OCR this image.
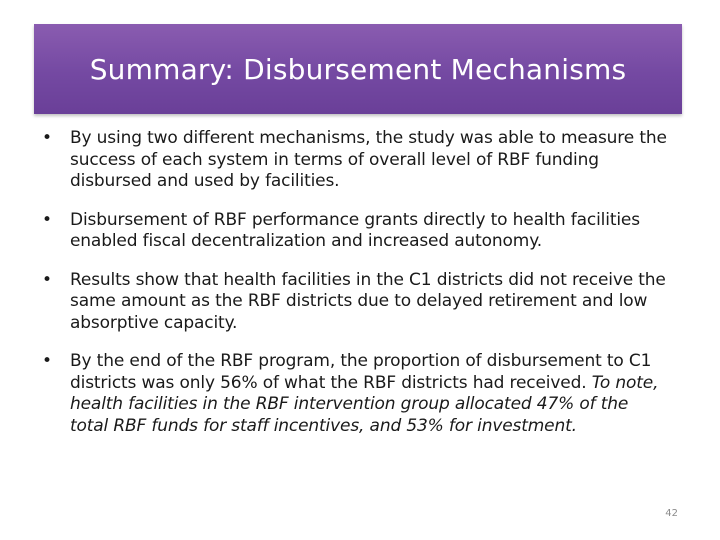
Summary: Disbursement Mechanisms
• By using two different mechanisms, the study was able to measure the success of each system in terms of overall level of RBF funding disbursed and used by facilities.
• Disbursement of RBF performance grants directly to health facilities enabled fiscal decentralization and increased autonomy.
• Results show that health facilities in the C1 districts did not receive the same amount as the RBF districts due to delayed retirement and low absorptive capacity.
• By the end of the RBF program, the proportion of disbursement to C1 districts was only 56% of what the RBF districts had received. To note, health facilities in the RBF intervention group allocated 47% of the total RBF funds for staff incentives, and 53% for investment.
42
